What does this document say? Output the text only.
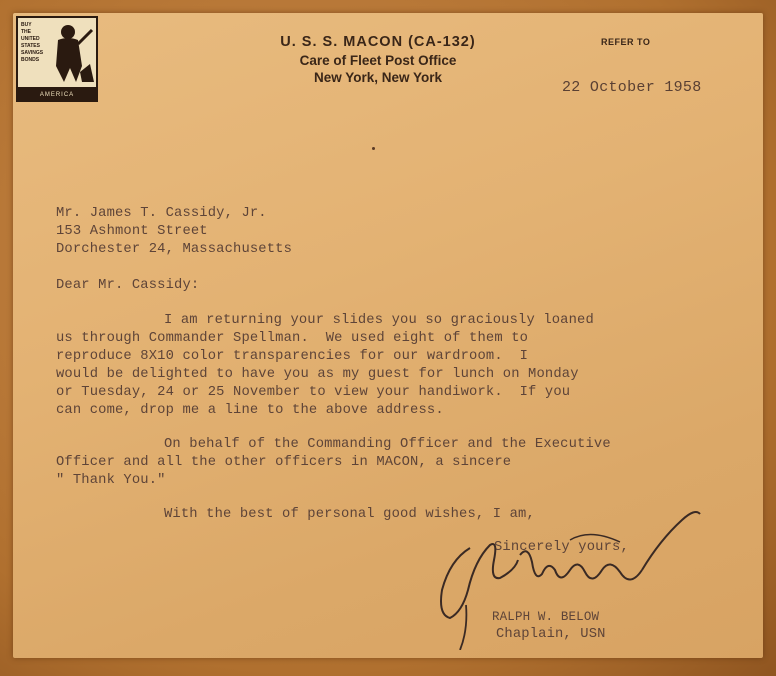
BUY
THE
UNITED
STATES
SAVINGS
BONDS
AMERICA
U. S. S. MACON (CA-132)
Care of Fleet Post Office
New York, New York
REFER TO
22 October 1958
Mr. James T. Cassidy, Jr.
153 Ashmont Street
Dorchester 24, Massachusetts
Dear Mr. Cassidy:
I am returning your slides you so graciously loaned
us through Commander Spellman.  We used eight of them to
reproduce 8X10 color transparencies for our wardroom.  I
would be delighted to have you as my guest for lunch on Monday
or Tuesday, 24 or 25 November to view your handiwork.  If you
can come, drop me a line to the above address.
On behalf of the Commanding Officer and the Executive
Officer and all the other officers in MACON, a sincere
" Thank You."
With the best of personal good wishes, I am,
Sincerely yours,
RALPH W. BELOW
Chaplain, USN
